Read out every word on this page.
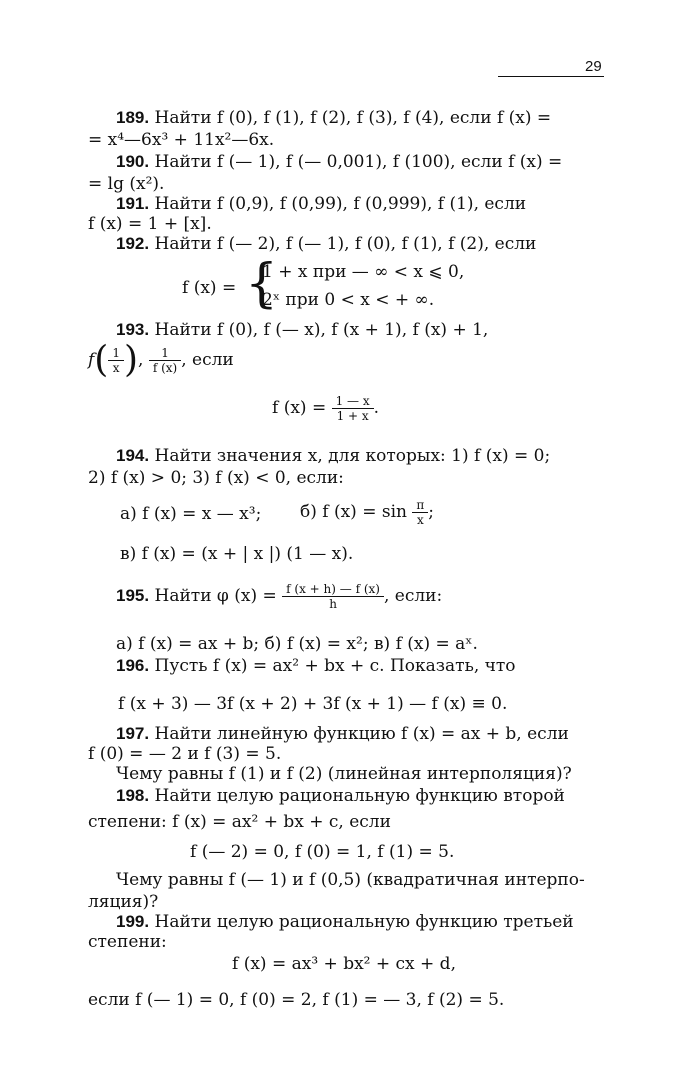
29
189. Найти f (0), f (1), f (2), f (3), f (4), если f (x) =
= x⁴—6x³ + 11x²—6x.
190. Найти f (— 1), f (— 0,001), f (100), если f (x) =
= lg (x²).
191. Найти f (0,9), f (0,99), f (0,999), f (1), если
f (x) = 1 + [x].
192. Найти f (— 2), f (— 1), f (0), f (1), f (2), если
f (x) = {
1 + x при — ∞ < x ⩽ 0,
2ˣ при 0 < x < + ∞.
193. Найти f (0), f (— x), f (x + 1), f (x) + 1,
$f( \frac{1}{x}$ ), $\frac{1}{f (x)}$ , если
f $(x) = \frac{1 — x}{1 + x}$ .
194. Найти значения x, для которых: 1) f (x) = 0;
2) f (x) > 0; 3) f (x) < 0, если:
а) f (x) = x — x³; б) f $(x) = \sin \frac{\pi}{x}$ ;
в) f (x) = (x + | x |) (1 — x).
195. Найти φ $(x) = \frac{f (x + h) — f (x)}{h}$ , если:
а) f (x) = ax + b; б) f (x) = x²; в) f (x) = aˣ.
196. Пусть f (x) = ax² + bx + c. Показать, что
f (x + 3) — 3f (x + 2) + 3f (x + 1) — f (x) ≡ 0.
197. Найти линейную функцию f (x) = ax + b, если
f (0) = — 2 и f (3) = 5.
Чему равны f (1) и f (2) (линейная интерполяция)?
198. Найти целую рациональную функцию второй
степени: f (x) = ax² + bx + c, если
f (— 2) = 0, f (0) = 1, f (1) = 5.
Чему равны f (— 1) и f (0,5) (квадратичная интерпо-
ляция)?
199. Найти целую рациональную функцию третьей
степени:
f (x) = ax³ + bx² + cx + d,
если f (— 1) = 0, f (0) = 2, f (1) = — 3, f (2) = 5.
